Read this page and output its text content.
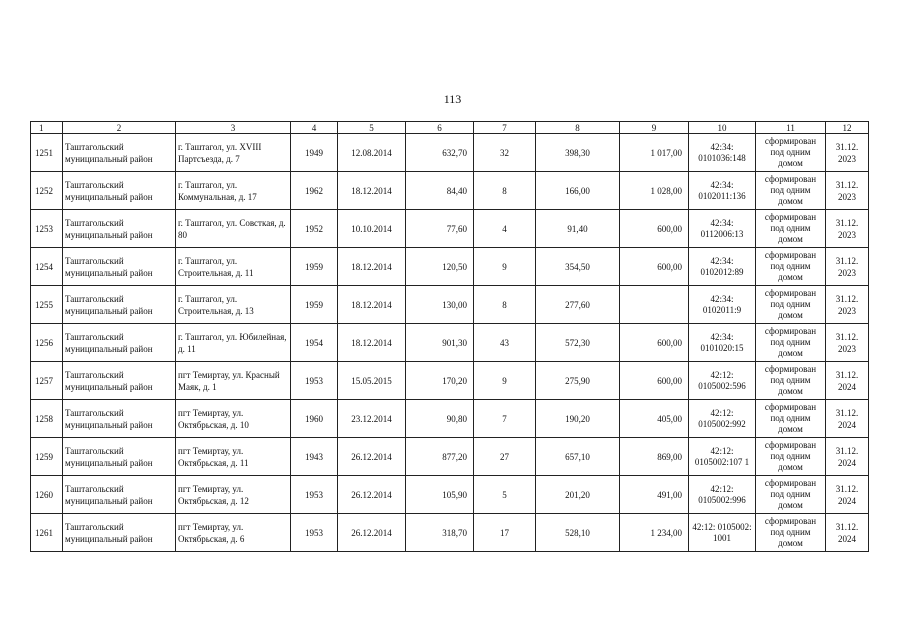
113
1	2	3	4	5	6	7	8	9	10	11	12
1251	Таштагольский муниципальный район	г. Таштагол, ул. XVIII Партсъезда, д. 7	1949	12.08.2014	632,70	32	398,30	1 017,00	42:34: 0101036:148	сформирован под одним домом	31.12. 2023
1252	Таштагольский муниципальный район	г. Таштагол, ул. Коммунальная, д. 17	1962	18.12.2014	84,40	8	166,00	1 028,00	42:34: 0102011:136	сформирован под одним домом	31.12. 2023
1253	Таштагольский муниципальный район	г. Таштагол, ул. Совсткая, д. 80	1952	10.10.2014	77,60	4	91,40	600,00	42:34: 0112006:13	сформирован под одним домом	31.12. 2023
1254	Таштагольский муниципальный район	г. Таштагол, ул. Строительная, д. 11	1959	18.12.2014	120,50	9	354,50	600,00	42:34: 0102012:89	сформирован под одним домом	31.12. 2023
1255	Таштагольский муниципальный район	г. Таштагол, ул. Строительная, д. 13	1959	18.12.2014	130,00	8	277,60		42:34: 0102011:9	сформирован под одним домом	31.12. 2023
1256	Таштагольский муниципальный район	г. Таштагол, ул. Юбилейная, д. 11	1954	18.12.2014	901,30	43	572,30	600,00	42:34: 0101020:15	сформирован под одним домом	31.12. 2023
1257	Таштагольский муниципальный район	пгт Темиртау, ул. Красный Маяк, д. 1	1953	15.05.2015	170,20	9	275,90	600,00	42:12: 0105002:596	сформирован под одним домом	31.12. 2024
1258	Таштагольский муниципальный район	пгт Темиртау, ул. Октябрьская, д. 10	1960	23.12.2014	90,80	7	190,20	405,00	42:12: 0105002:992	сформирован под одним домом	31.12. 2024
1259	Таштагольский муниципальный район	пгт Темиртау, ул. Октябрьская, д. 11	1943	26.12.2014	877,20	27	657,10	869,00	42:12: 0105002:107 1	сформирован под одним домом	31.12. 2024
1260	Таштагольский муниципальный район	пгт Темиртау, ул. Октябрьская, д. 12	1953	26.12.2014	105,90	5	201,20	491,00	42:12: 0105002:996	сформирован под одним домом	31.12. 2024
1261	Таштагольский муниципальный район	пгт Темиртау, ул. Октябрьская, д. 6	1953	26.12.2014	318,70	17	528,10	1 234,00	42:12: 0105002: 1001	сформирован под одним домом	31.12. 2024
